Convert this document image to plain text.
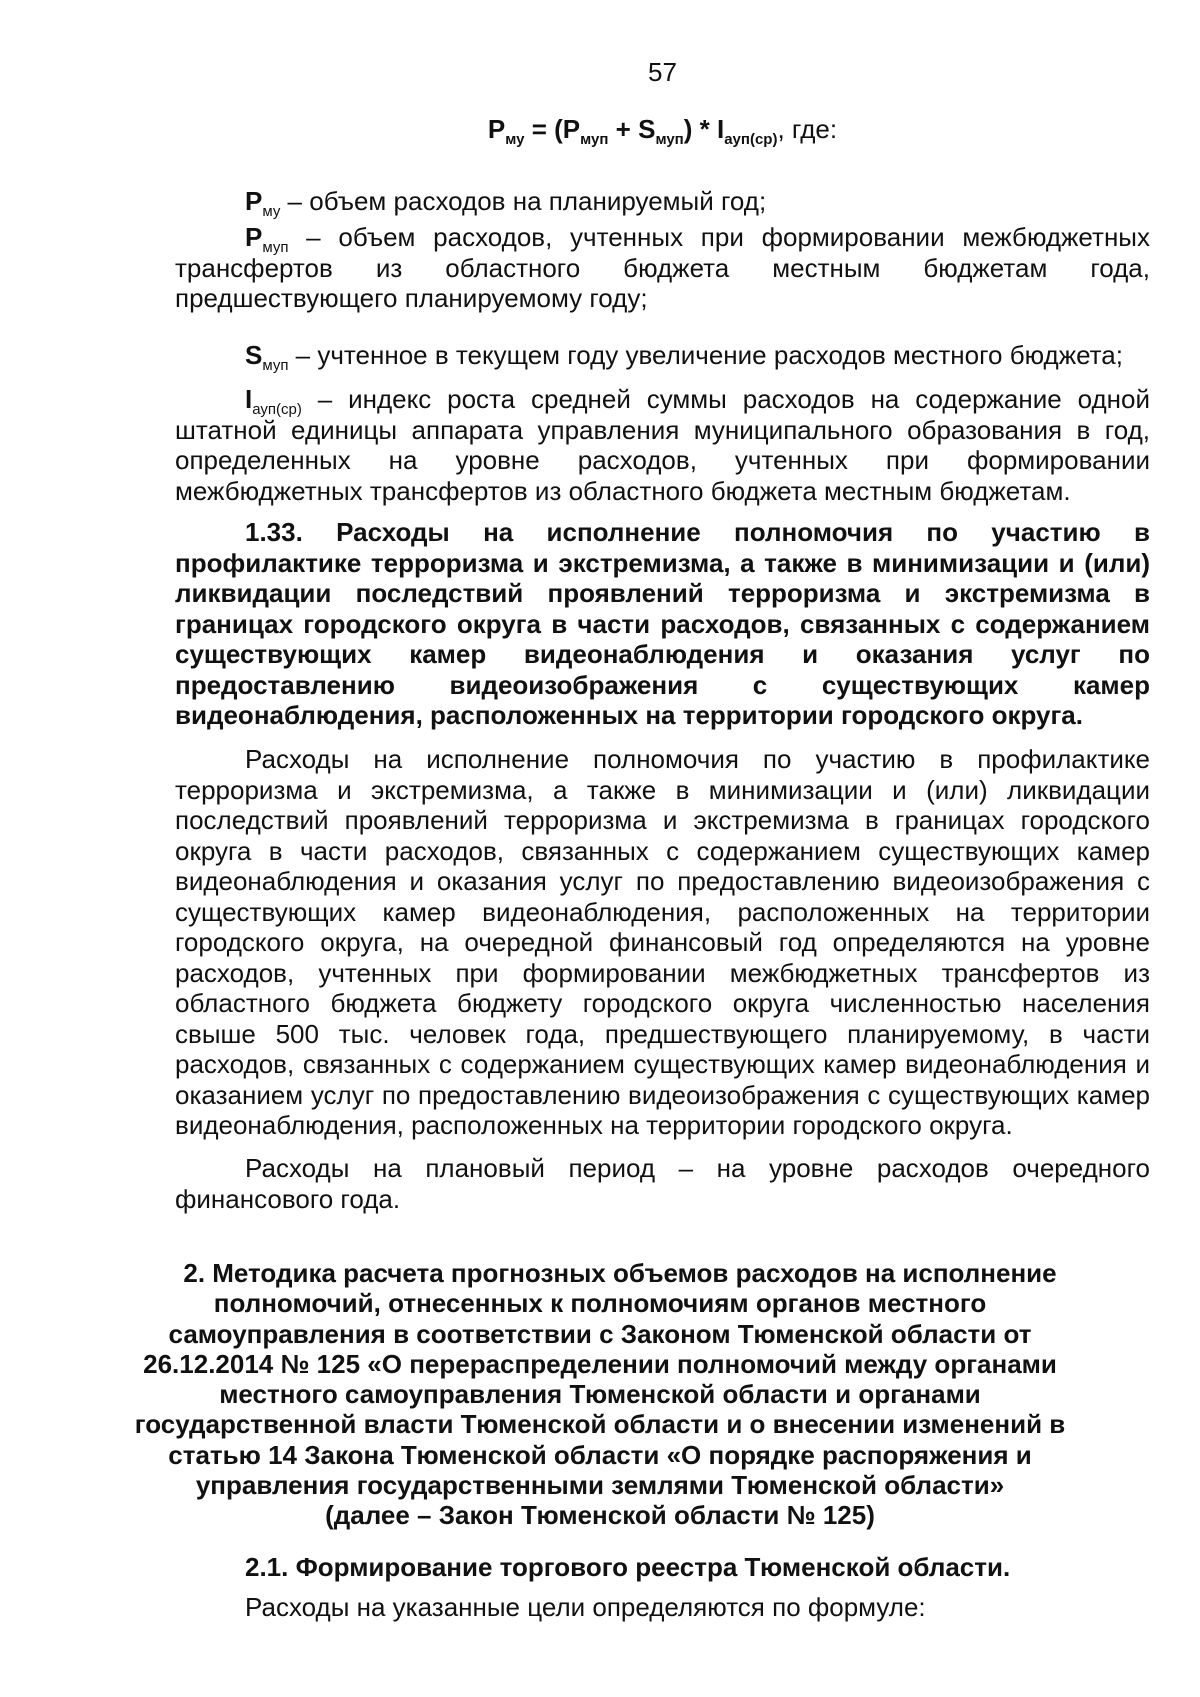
57
$P_{му} = (P_{муп} + S_{муп}) * I_{ауп(ср)}$, где:
$P_{му}$ – объем расходов на планируемый год;
$P_{муп}$ – объем расходов, учтенных при формировании межбюджетных трансфертов из областного бюджета местным бюджетам года, предшествующего планируемому году;
$S_{муп}$ – учтенное в текущем году увеличение расходов местного бюджета;
$I_{ауп(ср)}$ – индекс роста средней суммы расходов на содержание одной штатной единицы аппарата управления муниципального образования в год, определенных на уровне расходов, учтенных при формировании межбюджетных трансфертов из областного бюджета местным бюджетам.
1.33. Расходы на исполнение полномочия по участию в профилактике терроризма и экстремизма, а также в минимизации и (или) ликвидации последствий проявлений терроризма и экстремизма в границах городского округа в части расходов, связанных с содержанием существующих камер видеонаблюдения и оказания услуг по предоставлению видеоизображения с существующих камер видеонаблюдения, расположенных на территории городского округа.
Расходы на исполнение полномочия по участию в профилактике терроризма и экстремизма, а также в минимизации и (или) ликвидации последствий проявлений терроризма и экстремизма в границах городского округа в части расходов, связанных с содержанием существующих камер видеонаблюдения и оказания услуг по предоставлению видеоизображения с существующих камер видеонаблюдения, расположенных на территории городского округа, на очередной финансовый год определяются на уровне расходов, учтенных при формировании межбюджетных трансфертов из областного бюджета бюджету городского округа численностью населения свыше 500 тыс. человек года, предшествующего планируемому, в части расходов, связанных с содержанием существующих камер видеонаблюдения и оказанием услуг по предоставлению видеоизображения с существующих камер видеонаблюдения, расположенных на территории городского округа.
Расходы на плановый период – на уровне расходов очередного финансового года.
2. Методика расчета прогнозных объемов расходов на исполнение
полномочий, отнесенных к полномочиям органов местного
самоуправления в соответствии с Законом Тюменской области от
26.12.2014 № 125 «О перераспределении полномочий между органами
местного самоуправления Тюменской области и органами
государственной власти Тюменской области и о внесении изменений в
статью 14 Закона Тюменской области «О порядке распоряжения и
управления государственными землями Тюменской области»
(далее – Закон Тюменской области № 125)
2.1. Формирование торгового реестра Тюменской области.
Расходы на указанные цели определяются по формуле:
